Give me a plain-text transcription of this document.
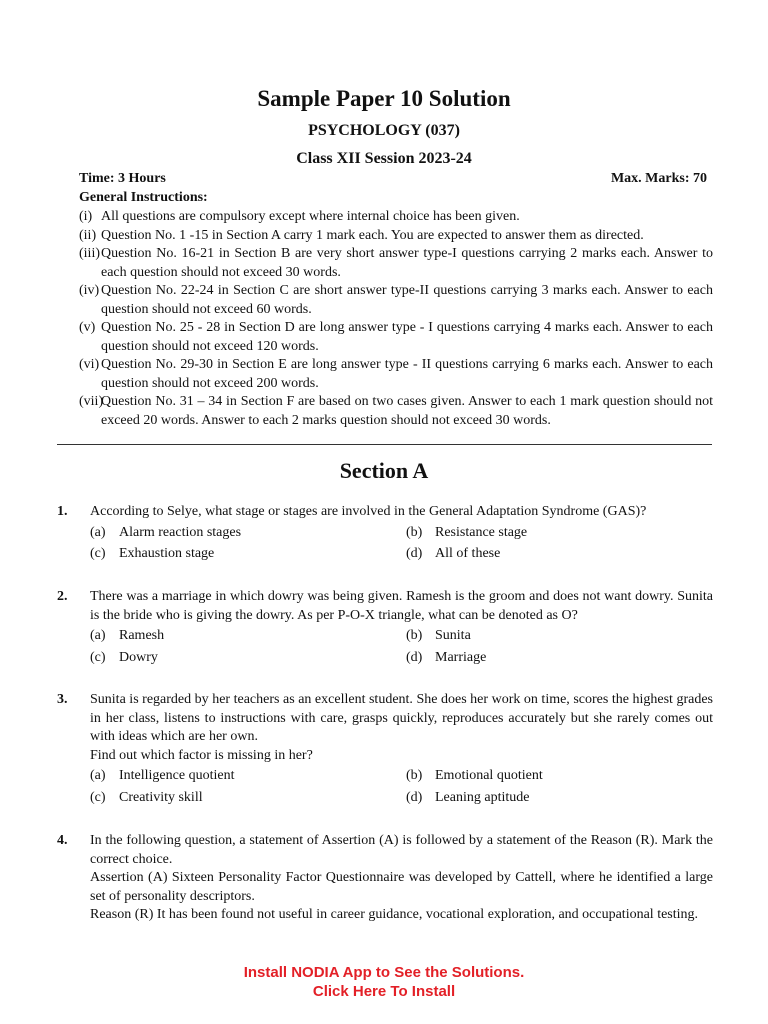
Sample Paper 10 Solution
PSYCHOLOGY (037)
Class XII Session 2023-24
Time: 3 Hours	Max. Marks: 70
General Instructions:
(i) All questions are compulsory except where internal choice has been given.
(ii) Question No. 1 -15 in Section A carry 1 mark each. You are expected to answer them as directed.
(iii) Question No. 16-21 in Section B are very short answer type-I questions carrying 2 marks each. Answer to each question should not exceed 30 words.
(iv) Question No. 22-24 in Section C are short answer type-II questions carrying 3 marks each. Answer to each question should not exceed 60 words.
(v) Question No. 25 - 28 in Section D are long answer type - I questions carrying 4 marks each. Answer to each question should not exceed 120 words.
(vi) Question No. 29-30 in Section E are long answer type - II questions carrying 6 marks each. Answer to each question should not exceed 200 words.
(vii)
Question No. 31 – 34 in Section F are based on two cases given. Answer to each 1 mark question should not exceed 20 words. Answer to each 2 marks question should not exceed 30 words.
Section A
1. According to Selye, what stage or stages are involved in the General Adaptation Syndrome (GAS)?
(a) Alarm reaction stages	(b) Resistance stage
(c) Exhaustion stage	(d) All of these
2. There was a marriage in which dowry was being given. Ramesh is the groom and does not want dowry. Sunita is the bride who is giving the dowry. As per P-O-X triangle, what can be denoted as O?
(a) Ramesh	(b) Sunita
(c) Dowry	(d) Marriage
3. Sunita is regarded by her teachers as an excellent student. She does her work on time, scores the highest grades in her class, listens to instructions with care, grasps quickly, reproduces accurately but she rarely comes out with ideas which are her own.
Find out which factor is missing in her?
(a) Intelligence quotient	(b) Emotional quotient
(c) Creativity skill	(d) Leaning aptitude
4. In the following question, a statement of Assertion (A) is followed by a statement of the Reason (R). Mark the correct choice.
Assertion (A) Sixteen Personality Factor Questionnaire was developed by Cattell, where he identified a large set of personality descriptors.
Reason (R) It has been found not useful in career guidance, vocational exploration, and occupational testing.
Install NODIA App to See the Solutions.
Click Here To Install
